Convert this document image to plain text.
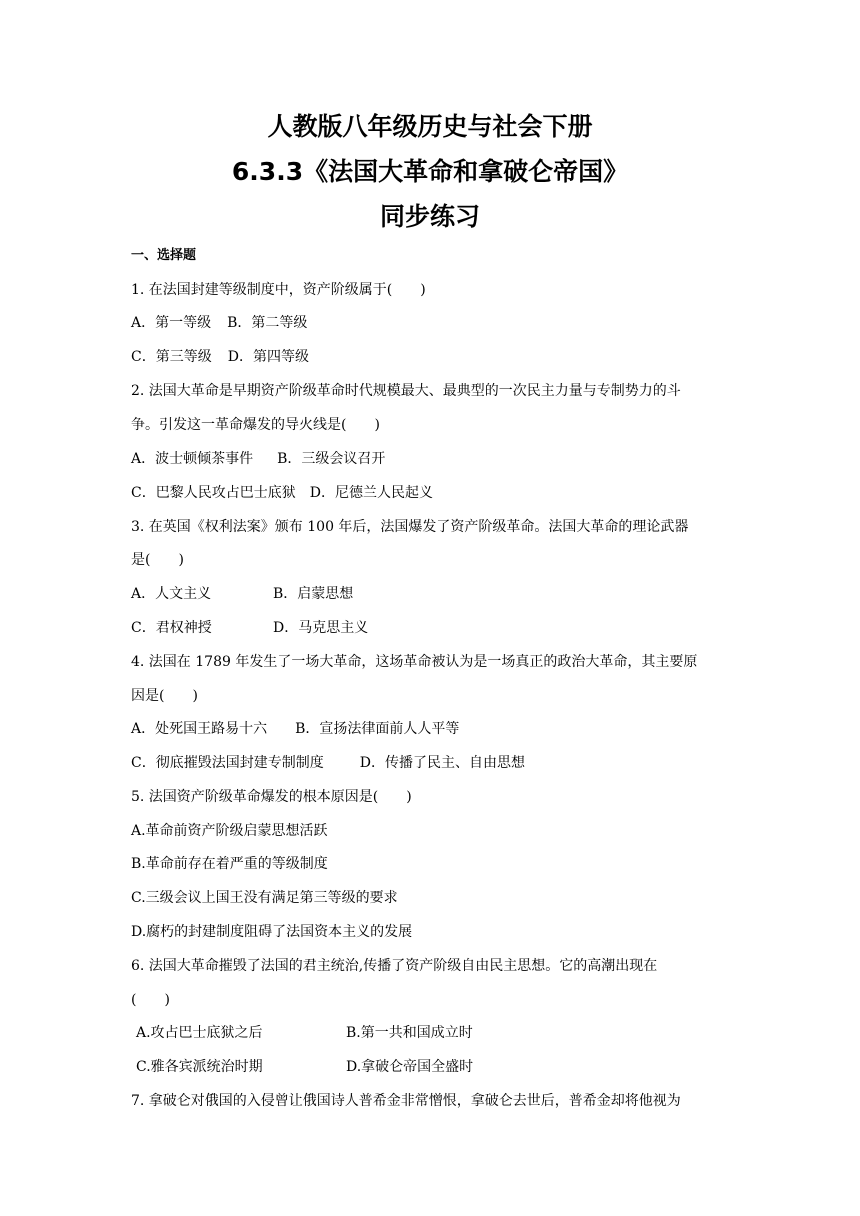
人教版八年级历史与社会下册
6.3.3《法国大革命和拿破仑帝国》
同步练习
一、选择题
1. 在法国封建等级制度中，资产阶级属于(　　)
A．第一等级 B．第二等级
C．第三等级 D．第四等级
2. 法国大革命是早期资产阶级革命时代规模最大、最典型的一次民主力量与专制势力的斗
争。引发这一革命爆发的导火线是(　　)
A．波士顿倾茶事件 B．三级会议召开
C．巴黎人民攻占巴士底狱 D．尼德兰人民起义
3. 在英国《权利法案》颁布 100 年后，法国爆发了资产阶级革命。法国大革命的理论武器
是(　　)
A．人文主义	B．启蒙思想
C．君权神授	D．马克思主义
4. 法国在 1789 年发生了一场大革命，这场革命被认为是一场真正的政治大革命，其主要原
因是(　　)
A．处死国王路易十六 B．宣扬法律面前人人平等
C．彻底摧毁法国封建专制制度	D．传播了民主、自由思想
5. 法国资产阶级革命爆发的根本原因是(　　)
A.革命前资产阶级启蒙思想活跃
B.革命前存在着严重的等级制度
C.三级会议上国王没有满足第三等级的要求
D.腐朽的封建制度阻碍了法国资本主义的发展
6. 法国大革命摧毁了法国的君主统治,传播了资产阶级自由民主思想。它的高潮出现在
(　　)
A.攻占巴士底狱之后	B.第一共和国成立时
C.雅各宾派统治时期	D.拿破仑帝国全盛时
7. 拿破仑对俄国的入侵曾让俄国诗人普希金非常憎恨，拿破仑去世后，普希金却将他视为
